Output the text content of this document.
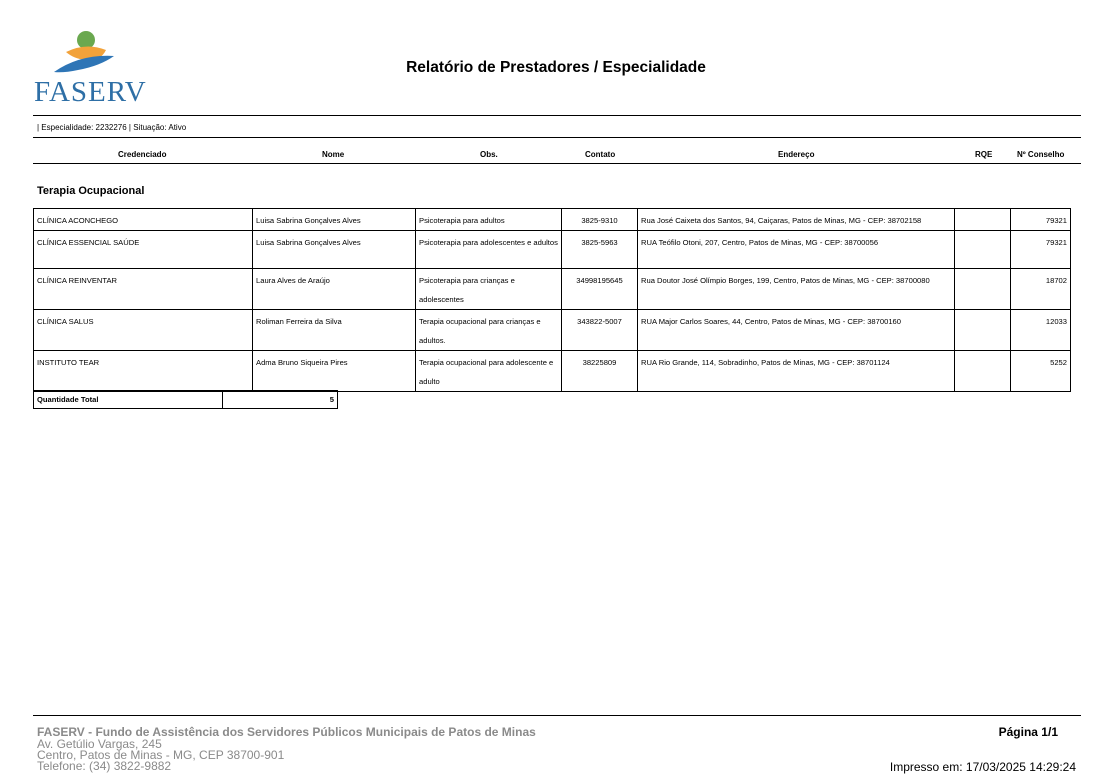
FASERV
Relatório de Prestadores / Especialidade
| Especialidade: 2232276 | Situação: Ativo
Credenciado	Nome	Obs.	Contato	Endereço	RQE	Nº Conselho
Terapia Ocupacional
CLÍNICA ACONCHEGO	Luisa Sabrina Gonçalves Alves	Psicoterapia para adultos	3825-9310	Rua José Caixeta dos Santos, 94, Caiçaras, Patos de Minas, MG - CEP: 38702158		79321
CLÍNICA ESSENCIAL SAÚDE	Luisa Sabrina Gonçalves Alves	Psicoterapia para adolescentes e adultos	3825-5963	RUA Teófilo Otoni, 207, Centro, Patos de Minas, MG - CEP: 38700056		79321
CLÍNICA REINVENTAR	Laura Alves de Araújo	Psicoterapia para crianças e adolescentes	34998195645	Rua Doutor José Olímpio Borges, 199, Centro, Patos de Minas, MG - CEP: 38700080		18702
CLÍNICA SALUS	Roliman Ferreira da Silva	Terapia ocupacional para crianças e adultos.	343822-5007	RUA Major Carlos Soares, 44, Centro, Patos de Minas, MG - CEP: 38700160		12033
INSTITUTO TEAR	Adma Bruno Siqueira Pires	Terapia ocupacional para adolescente e adulto	38225809	RUA Rio Grande, 114, Sobradinho, Patos de Minas, MG - CEP: 38701124		5252
Quantidade Total	5
FASERV - Fundo de Assistência dos Servidores Públicos Municipais de Patos de Minas
Av. Getúlio Vargas, 245
Centro, Patos de Minas - MG, CEP 38700-901
Telefone: (34) 3822-9882
Página 1/1
Impresso em: 17/03/2025 14:29:24
